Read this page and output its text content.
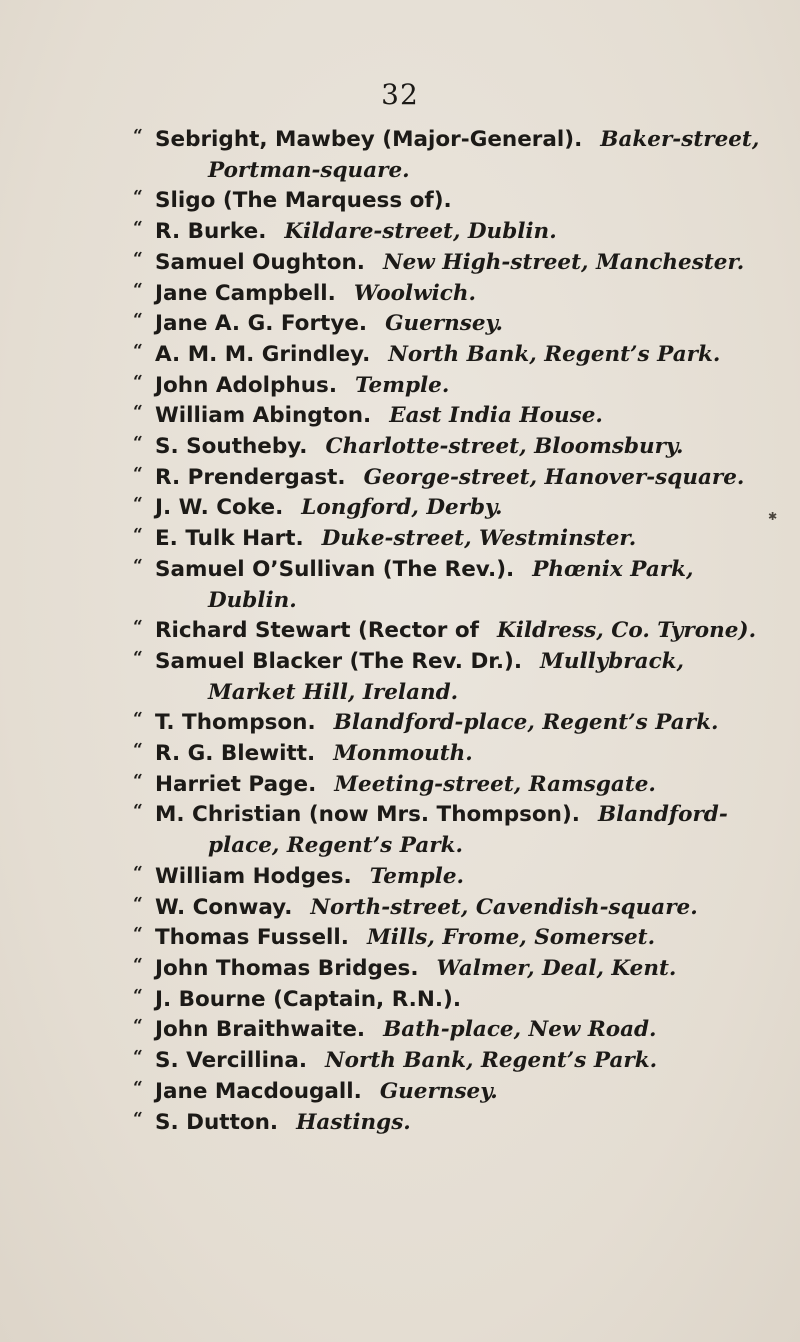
32
“ Sebright, Mawbey (Major-General). Baker-street,
Portman-square.
“ Sligo (The Marquess of).
“ R. Burke. Kildare-street, Dublin.
“ Samuel Oughton. New High-street, Manchester.
“ Jane Campbell. Woolwich.
“ Jane A. G. Fortye. Guernsey.
“ A. M. M. Grindley. North Bank, Regent’s Park.
“ John Adolphus. Temple.
“ William Abington. East India House.
“ S. Southeby. Charlotte-street, Bloomsbury.
“ R. Prendergast. George-street, Hanover-square.
“ J. W. Coke. Longford, Derby.
“ E. Tulk Hart. Duke-street, Westminster.
“ Samuel O’Sullivan (The Rev.). Phœnix Park,
Dublin.
“ Richard Stewart (Rector of Kildress, Co. Tyrone).
“ Samuel Blacker (The Rev. Dr.). Mullybrack,
Market Hill, Ireland.
“ T. Thompson. Blandford-place, Regent’s Park.
“ R. G. Blewitt. Monmouth.
“ Harriet Page. Meeting-street, Ramsgate.
“ M. Christian (now Mrs. Thompson). Blandford-
place, Regent’s Park.
“ William Hodges. Temple.
“ W. Conway. North-street, Cavendish-square.
“ Thomas Fussell. Mills, Frome, Somerset.
“ John Thomas Bridges. Walmer, Deal, Kent.
“ J. Bourne (Captain, R.N.).
“ John Braithwaite. Bath-place, New Road.
“ S. Vercillina. North Bank, Regent’s Park.
“ Jane Macdougall. Guernsey.
“ S. Dutton. Hastings.
✱
